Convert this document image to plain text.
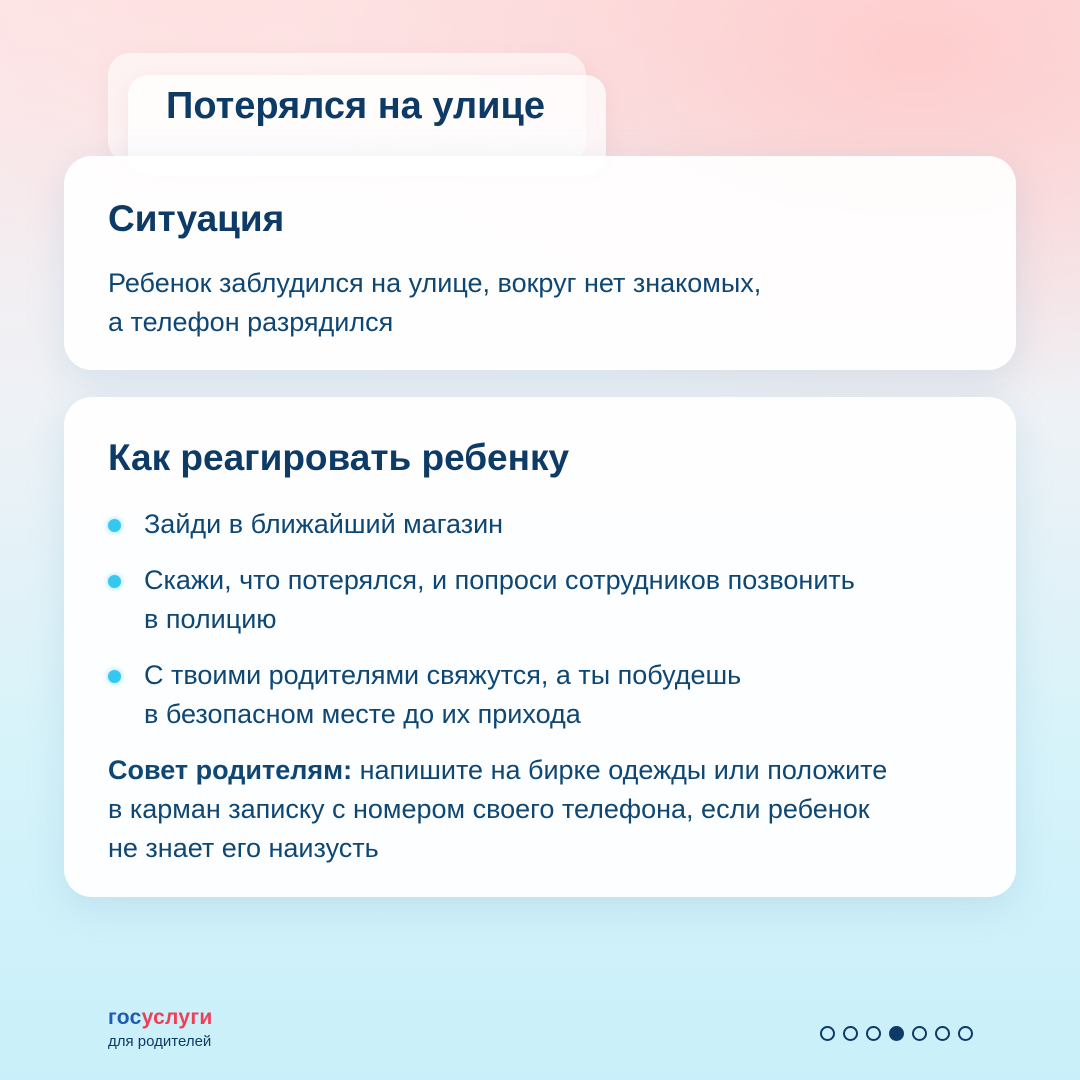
Потерялся на улице
Ситуация
Ребенок заблудился на улице, вокруг нет знакомых,
а телефон разрядился
Как реагировать ребенку
Зайди в ближайший магазин
Скажи, что потерялся, и попроси сотрудников позвонить
в полицию
С твоими родителями свяжутся, а ты побудешь
в безопасном месте до их прихода
Совет родителям: напишите на бирке одежды или положите
в карман записку с номером своего телефона, если ребенок
не знает его наизусть
госуслуги
для родителей
